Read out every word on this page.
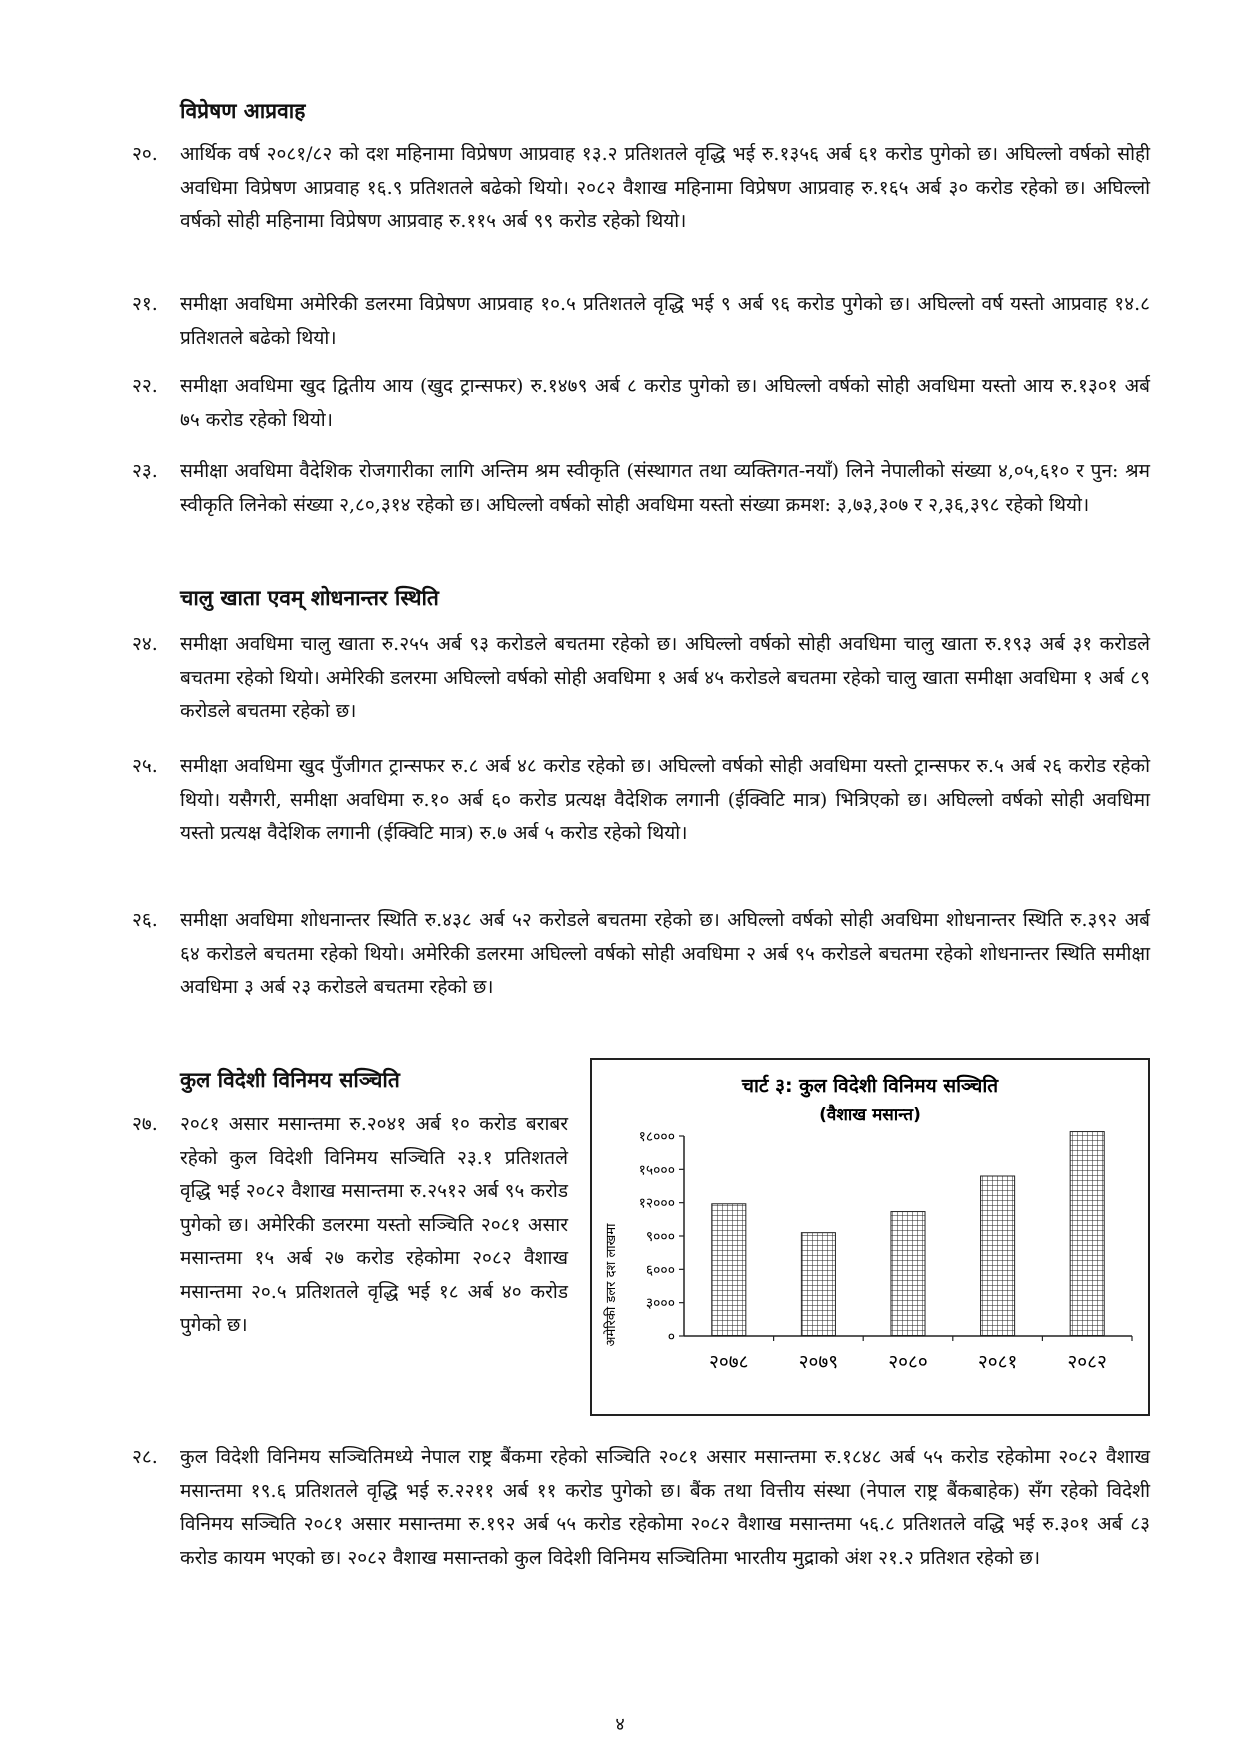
विप्रेषण आप्रवाह
चालु खाता एवम् शोधनान्तर स्थिति
कुल विदेशी विनिमय सञ्चिति
२०.	आर्थिक वर्ष २०८१/८२ को दश महिनामा विप्रेषण आप्रवाह १३.२ प्रतिशतले वृद्धि भई रु.१३५६ अर्ब ६१ करोड पुगेको छ। अघिल्लो वर्षको सोही अवधिमा विप्रेषण आप्रवाह १६.९ प्रतिशतले बढेको थियो। २०८२ वैशाख महिनामा विप्रेषण आप्रवाह रु.१६५ अर्ब ३० करोड रहेको छ। अघिल्लो वर्षको सोही महिनामा विप्रेषण आप्रवाह रु.११५ अर्ब ९९ करोड रहेको थियो।
२१.	समीक्षा अवधिमा अमेरिकी डलरमा विप्रेषण आप्रवाह १०.५ प्रतिशतले वृद्धि भई ९ अर्ब ९६ करोड पुगेको छ। अघिल्लो वर्ष यस्तो आप्रवाह १४.८ प्रतिशतले बढेको थियो।
२२.	समीक्षा अवधिमा खुद द्वितीय आय (खुद ट्रान्सफर) रु.१४७९ अर्ब ८ करोड पुगेको छ। अघिल्लो वर्षको सोही अवधिमा यस्तो आय रु.१३०१ अर्ब ७५ करोड रहेको थियो।
२३.	समीक्षा अवधिमा वैदेशिक रोजगारीका लागि अन्तिम श्रम स्वीकृति (संस्थागत तथा व्यक्तिगत-नयाँ) लिने नेपालीको संख्या ४,०५,६१० र पुन: श्रम स्वीकृति लिनेको संख्या २,८०,३१४ रहेको छ। अघिल्लो वर्षको सोही अवधिमा यस्तो संख्या क्रमश: ३,७३,३०७ र २,३६,३९८ रहेको थियो।
२४.	समीक्षा अवधिमा चालु खाता रु.२५५ अर्ब ९३ करोडले बचतमा रहेको छ। अघिल्लो वर्षको सोही अवधिमा चालु खाता रु.१९३ अर्ब ३१ करोडले बचतमा रहेको थियो। अमेरिकी डलरमा अघिल्लो वर्षको सोही अवधिमा १ अर्ब ४५ करोडले बचतमा रहेको चालु खाता समीक्षा अवधिमा १ अर्ब ८९ करोडले बचतमा रहेको छ।
२५.	समीक्षा अवधिमा खुद पुँजीगत ट्रान्सफर रु.८ अर्ब ४८ करोड रहेको छ। अघिल्लो वर्षको सोही अवधिमा यस्तो ट्रान्सफर रु.५ अर्ब २६ करोड रहेको थियो। यसैगरी, समीक्षा अवधिमा रु.१० अर्ब ६० करोड प्रत्यक्ष वैदेशिक लगानी (ईक्विटि मात्र) भित्रिएको छ। अघिल्लो वर्षको सोही अवधिमा यस्तो प्रत्यक्ष वैदेशिक लगानी (ईक्विटि मात्र) रु.७ अर्ब ५ करोड रहेको थियो।
२६.	समीक्षा अवधिमा शोधनान्तर स्थिति रु.४३८ अर्ब ५२ करोडले बचतमा रहेको छ। अघिल्लो वर्षको सोही अवधिमा शोधनान्तर स्थिति रु.३९२ अर्ब ६४ करोडले बचतमा रहेको थियो। अमेरिकी डलरमा अघिल्लो वर्षको सोही अवधिमा २ अर्ब ९५ करोडले बचतमा रहेको शोधनान्तर स्थिति समीक्षा अवधिमा ३ अर्ब २३ करोडले बचतमा रहेको छ।
२७.	२०८१ असार मसान्तमा रु.२०४१ अर्ब १० करोड बराबर रहेको कुल विदेशी विनिमय सञ्चिति २३.१ प्रतिशतले वृद्धि भई २०८२ वैशाख मसान्तमा रु.२५१२ अर्ब ९५ करोड पुगेको छ। अमेरिकी डलरमा यस्तो सञ्चिति २०८१ असार मसान्तमा १५ अर्ब २७ करोड रहेकोमा २०८२ वैशाख मसान्तमा २०.५ प्रतिशतले वृद्धि भई १८ अर्ब ४० करोड पुगेको छ।
२८.	कुल विदेशी विनिमय सञ्चितिमध्ये नेपाल राष्ट्र बैंकमा रहेको सञ्चिति २०८१ असार मसान्तमा रु.१८४८ अर्ब ५५ करोड रहेकोमा २०८२ वैशाख मसान्तमा १९.६ प्रतिशतले वृद्धि भई रु.२२११ अर्ब ११ करोड पुगेको छ। बैंक तथा वित्तीय संस्था (नेपाल राष्ट्र बैंकबाहेक) सँग रहेको विदेशी विनिमय सञ्चिति २०८१ असार मसान्तमा रु.१९२ अर्ब ५५ करोड रहेकोमा २०८२ वैशाख मसान्तमा ५६.८ प्रतिशतले वद्धि भई रु.३०१ अर्ब ८३ करोड कायम भएको छ। २०८२ वैशाख मसान्तको कुल विदेशी विनिमय सञ्चितिमा भारतीय मुद्राको अंश २१.२ प्रतिशत रहेको छ।
चार्ट ३: कुल विदेशी विनिमय सञ्चिति
(वैशाख मसान्त)
अमेरिकी डलर दश लाखमा	०
३०००
६०००
९०००
१२०००
१५०००
१८०००
२०७८	२०७९	२०८०	२०८१	२०८२
४
